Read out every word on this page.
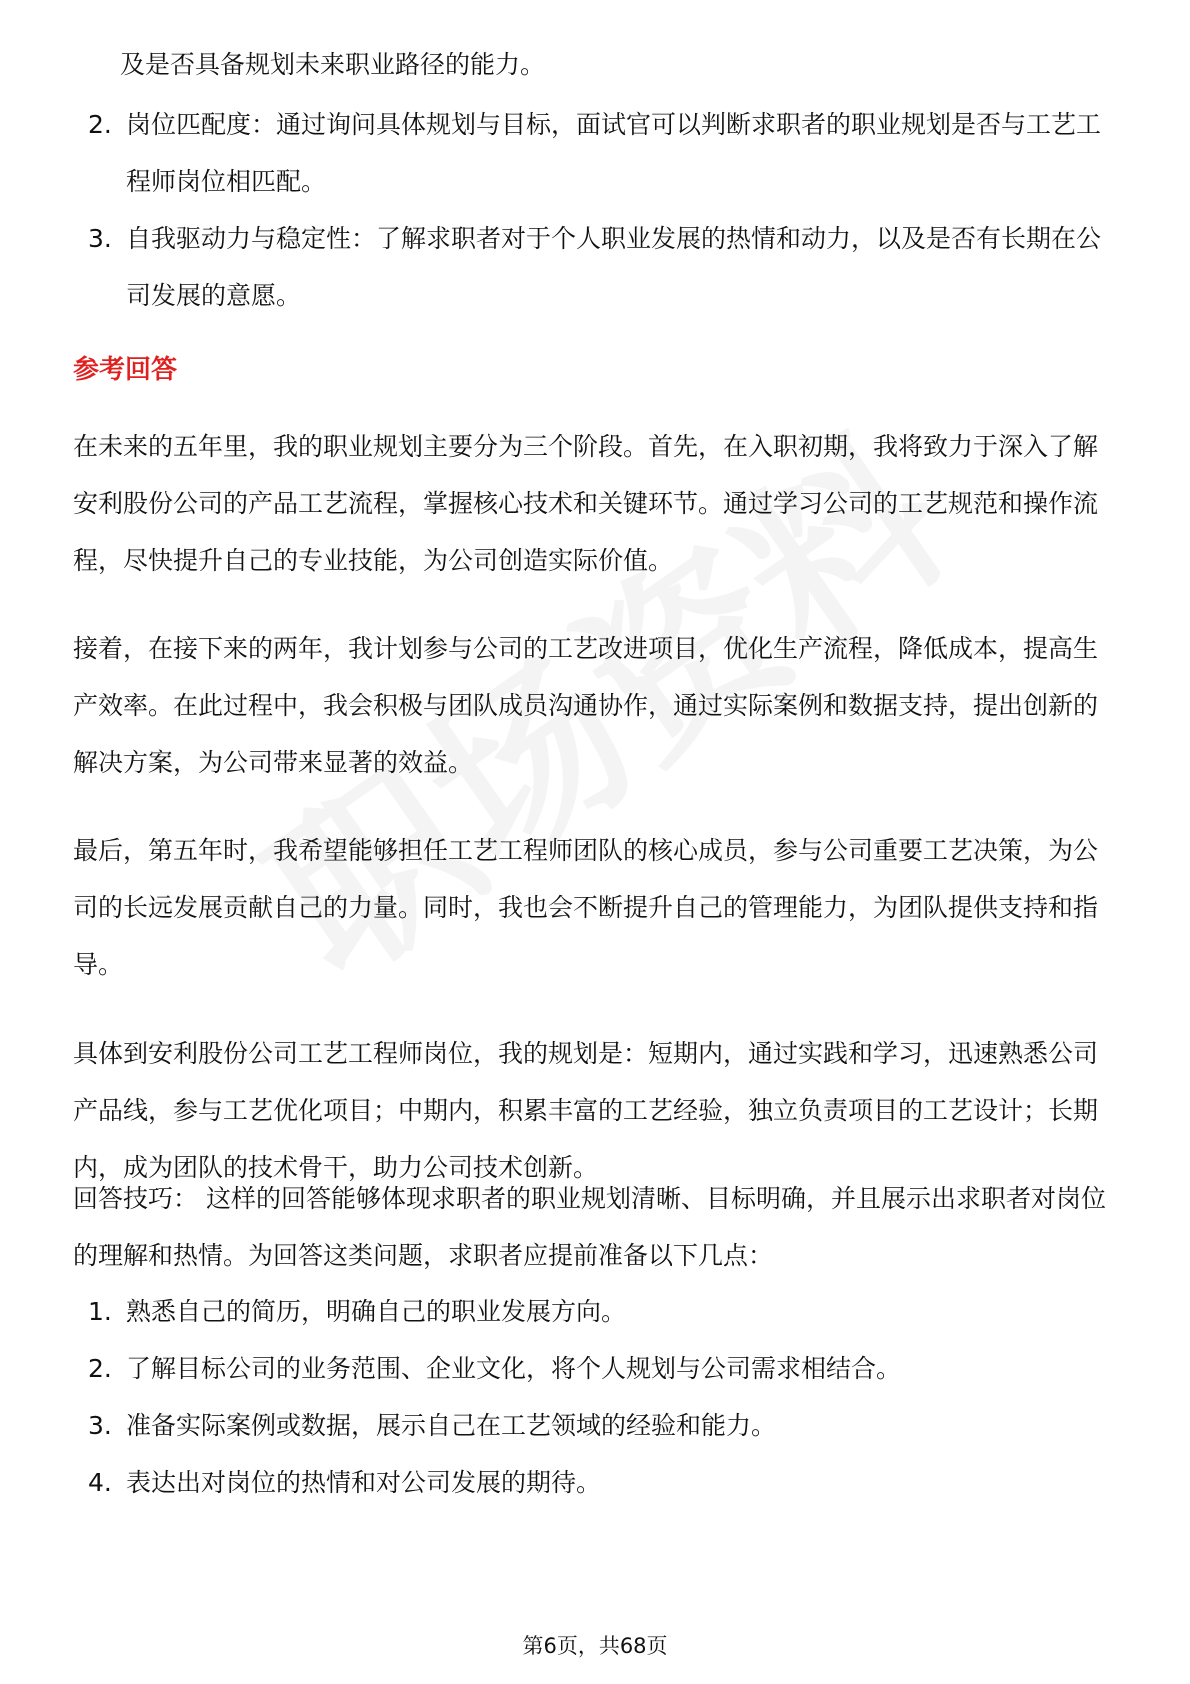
及是否具备规划未来职业路径的能力。
2. 岗位匹配度：通过询问具体规划与目标，面试官可以判断求职者的职业规划是否与工艺工程师岗位相匹配。
3. 自我驱动力与稳定性：了解求职者对于个人职业发展的热情和动力，以及是否有长期在公司发展的意愿。
参考回答
在未来的五年里，我的职业规划主要分为三个阶段。首先，在入职初期，我将致力于深入了解安利股份公司的产品工艺流程，掌握核心技术和关键环节。通过学习公司的工艺规范和操作流程，尽快提升自己的专业技能，为公司创造实际价值。
接着，在接下来的两年，我计划参与公司的工艺改进项目，优化生产流程，降低成本，提高生产效率。在此过程中，我会积极与团队成员沟通协作，通过实际案例和数据支持，提出创新的解决方案，为公司带来显著的效益。
最后，第五年时，我希望能够担任工艺工程师团队的核心成员，参与公司重要工艺决策，为公司的长远发展贡献自己的力量。同时，我也会不断提升自己的管理能力，为团队提供支持和指导。
具体到安利股份公司工艺工程师岗位，我的规划是：短期内，通过实践和学习，迅速熟悉公司产品线，参与工艺优化项目；中期内，积累丰富的工艺经验，独立负责项目的工艺设计；长期内，成为团队的技术骨干，助力公司技术创新。
回答技巧： 这样的回答能够体现求职者的职业规划清晰、目标明确，并且展示出求职者对岗位的理解和热情。为回答这类问题，求职者应提前准备以下几点：
1. 熟悉自己的简历，明确自己的职业发展方向。
2. 了解目标公司的业务范围、企业文化，将个人规划与公司需求相结合。
3. 准备实际案例或数据，展示自己在工艺领域的经验和能力。
4. 表达出对岗位的热情和对公司发展的期待。
第6页，共68页
